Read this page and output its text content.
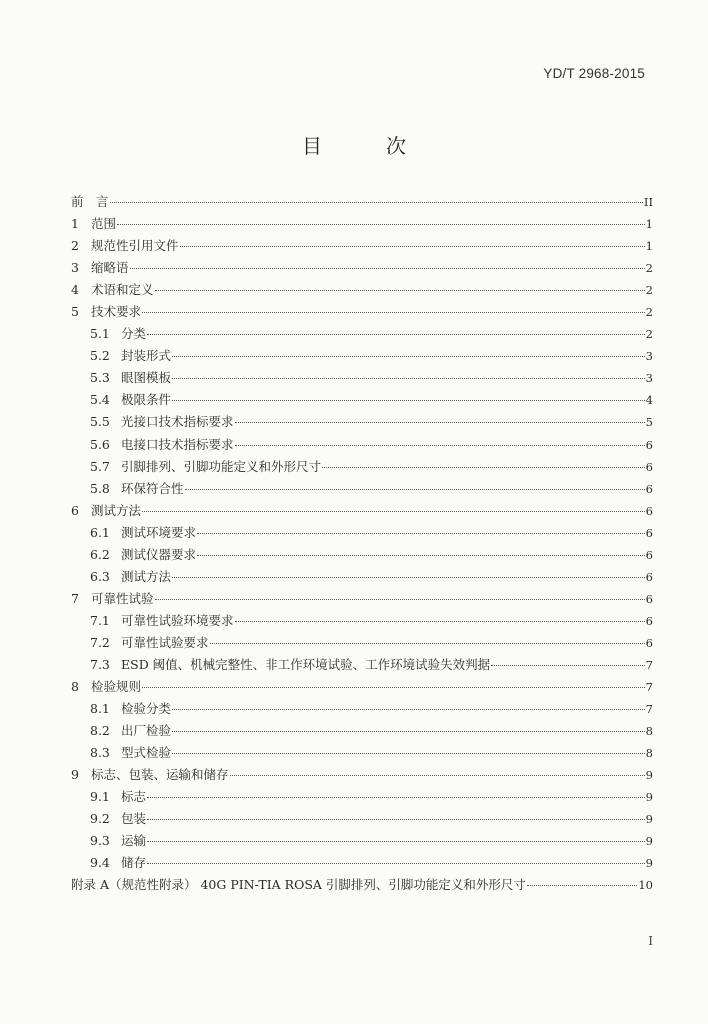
YD/T 2968-2015
目　次
前　言	II
1 范围	1
2 规范性引用文件	1
3 缩略语	2
4 术语和定义	2
5 技术要求	2
5.1 分类	2
5.2 封装形式	3
5.3 眼图模板	3
5.4 极限条件	4
5.5 光接口技术指标要求	5
5.6 电接口技术指标要求	6
5.7 引脚排列、引脚功能定义和外形尺寸	6
5.8 环保符合性	6
6 测试方法	6
6.1 测试环境要求	6
6.2 测试仪器要求	6
6.3 测试方法	6
7 可靠性试验	6
7.1 可靠性试验环境要求	6
7.2 可靠性试验要求	6
7.3 ESD 阈值、机械完整性、非工作环境试验、工作环境试验失效判据	7
8 检验规则	7
8.1 检验分类	7
8.2 出厂检验	8
8.3 型式检验	8
9 标志、包装、运输和储存	9
9.1 标志	9
9.2 包装	9
9.3 运输	9
9.4 储存	9
附录 A（规范性附录） 40G PIN-TIA ROSA 引脚排列、引脚功能定义和外形尺寸	10
I
